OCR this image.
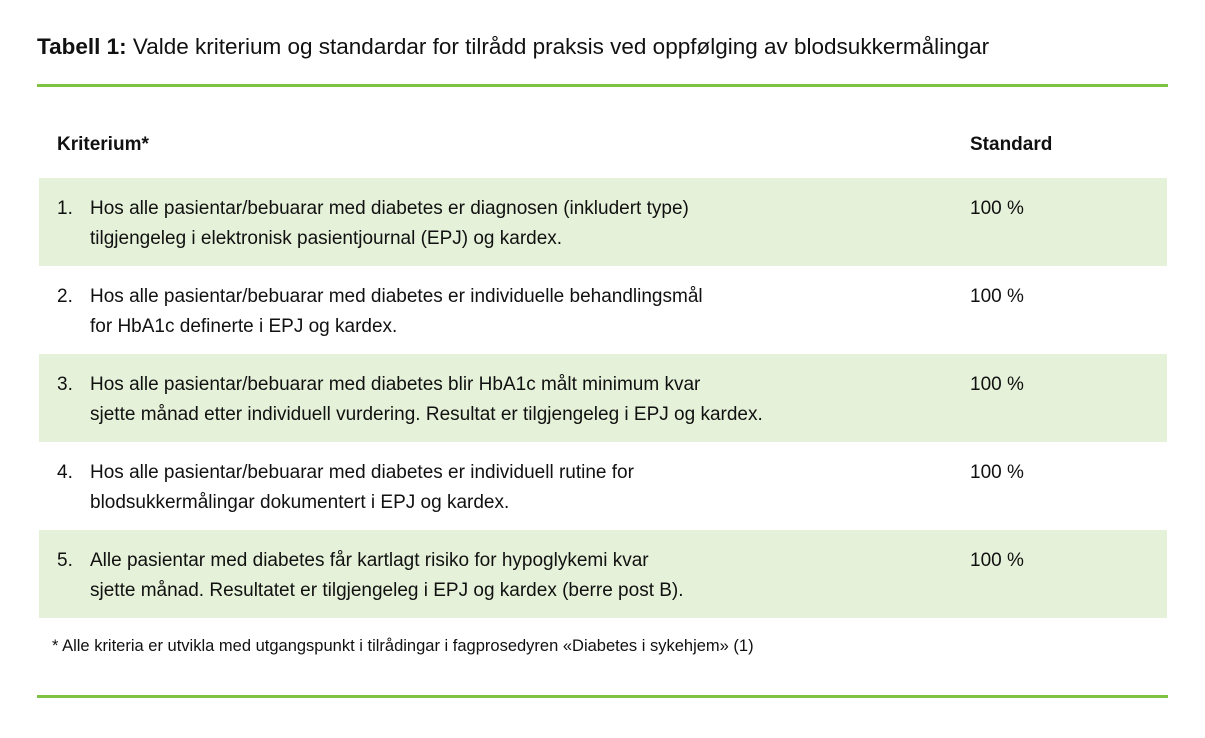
Tabell 1: Valde kriterium og standardar for tilrådd praksis ved oppfølging av blodsukkermålingar
Kriterium*	Standard
1. Hos alle pasientar/bebuarar med diabetes er diagnosen (inkludert type)
tilgjengeleg i elektronisk pasientjournal (EPJ) og kardex.
100 %
2. Hos alle pasientar/bebuarar med diabetes er individuelle behandlingsmål
for HbA1c definerte i EPJ og kardex.
100 %
3. Hos alle pasientar/bebuarar med diabetes blir HbA1c målt minimum kvar
sjette månad etter individuell vurdering. Resultat er tilgjengeleg i EPJ og kardex.
100 %
4. Hos alle pasientar/bebuarar med diabetes er individuell rutine for
blodsukkermålingar dokumentert i EPJ og kardex.
100 %
5. Alle pasientar med diabetes får kartlagt risiko for hypoglykemi kvar
sjette månad. Resultatet er tilgjengeleg i EPJ og kardex (berre post B).
100 %
* Alle kriteria er utvikla med utgangspunkt i tilrådingar i fagprosedyren «Diabetes i sykehjem» (1)
